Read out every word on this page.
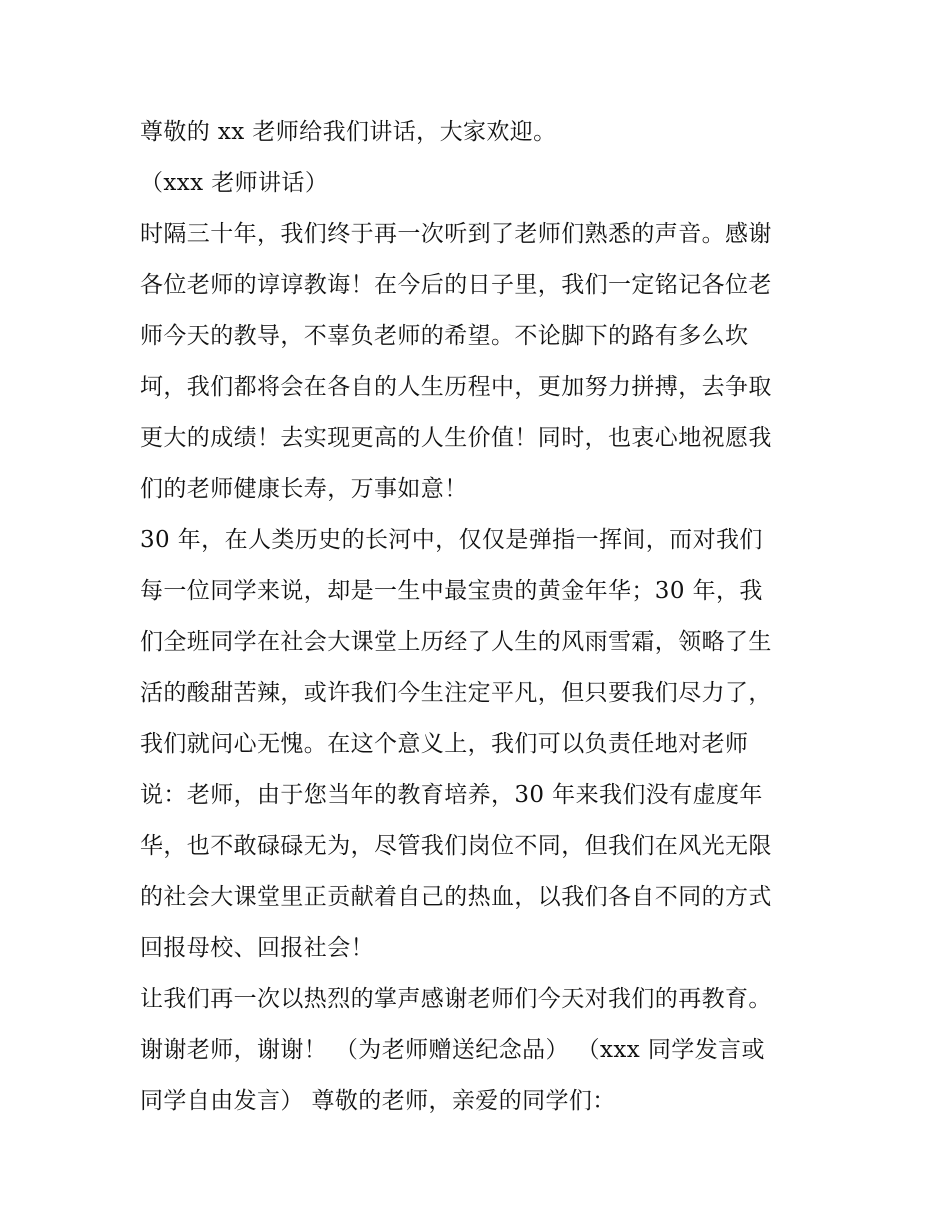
尊敬的 xx 老师给我们讲话，大家欢迎。
（xxx 老师讲话）
时隔三十年，我们终于再一次听到了老师们熟悉的声音。感谢
各位老师的谆谆教诲！在今后的日子里，我们一定铭记各位老
师今天的教导，不辜负老师的希望。不论脚下的路有多么坎
坷，我们都将会在各自的人生历程中，更加努力拼搏，去争取
更大的成绩！去实现更高的人生价值！同时，也衷心地祝愿我
们的老师健康长寿，万事如意！
30 年，在人类历史的长河中，仅仅是弹指一挥间，而对我们
每一位同学来说，却是一生中最宝贵的黄金年华；30 年，我
们全班同学在社会大课堂上历经了人生的风雨雪霜，领略了生
活的酸甜苦辣，或许我们今生注定平凡，但只要我们尽力了，
我们就问心无愧。在这个意义上，我们可以负责任地对老师
说：老师，由于您当年的教育培养，30 年来我们没有虚度年
华，也不敢碌碌无为，尽管我们岗位不同，但我们在风光无限
的社会大课堂里正贡献着自己的热血，以我们各自不同的方式
回报母校、回报社会！
让我们再一次以热烈的掌声感谢老师们今天对我们的再教育。
谢谢老师，谢谢！ （为老师赠送纪念品） （xxx 同学发言或
同学自由发言） 尊敬的老师，亲爱的同学们：
